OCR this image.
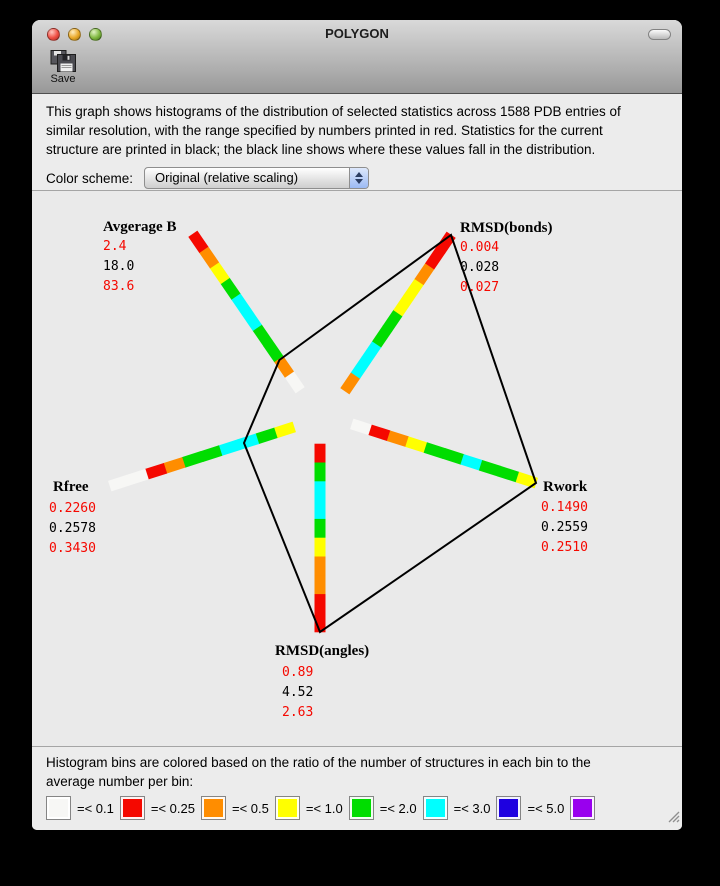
POLYGON
Save
This graph shows histograms of the distribution of selected statistics across 1588 PDB entries of
similar resolution, with the range specified by numbers printed in red. Statistics for the current
structure are printed in black; the black line shows where these values fall in the distribution.
Color scheme:	Original (relative scaling)
Avgerage B
2.4
18.0
83.6
RMSD(bonds)
0.004
0.028
0.027
Rwork
0.1490
0.2559
0.2510
RMSD(angles)
0.89
4.52
2.63
Rfree
0.2260
0.2578
0.3430
Histogram bins are colored based on the ratio of the number of structures in each bin to the
average number per bin:
=< 0.1	=< 0.25	=< 0.5	=< 1.0	=< 2.0	=< 3.0	=< 5.0
